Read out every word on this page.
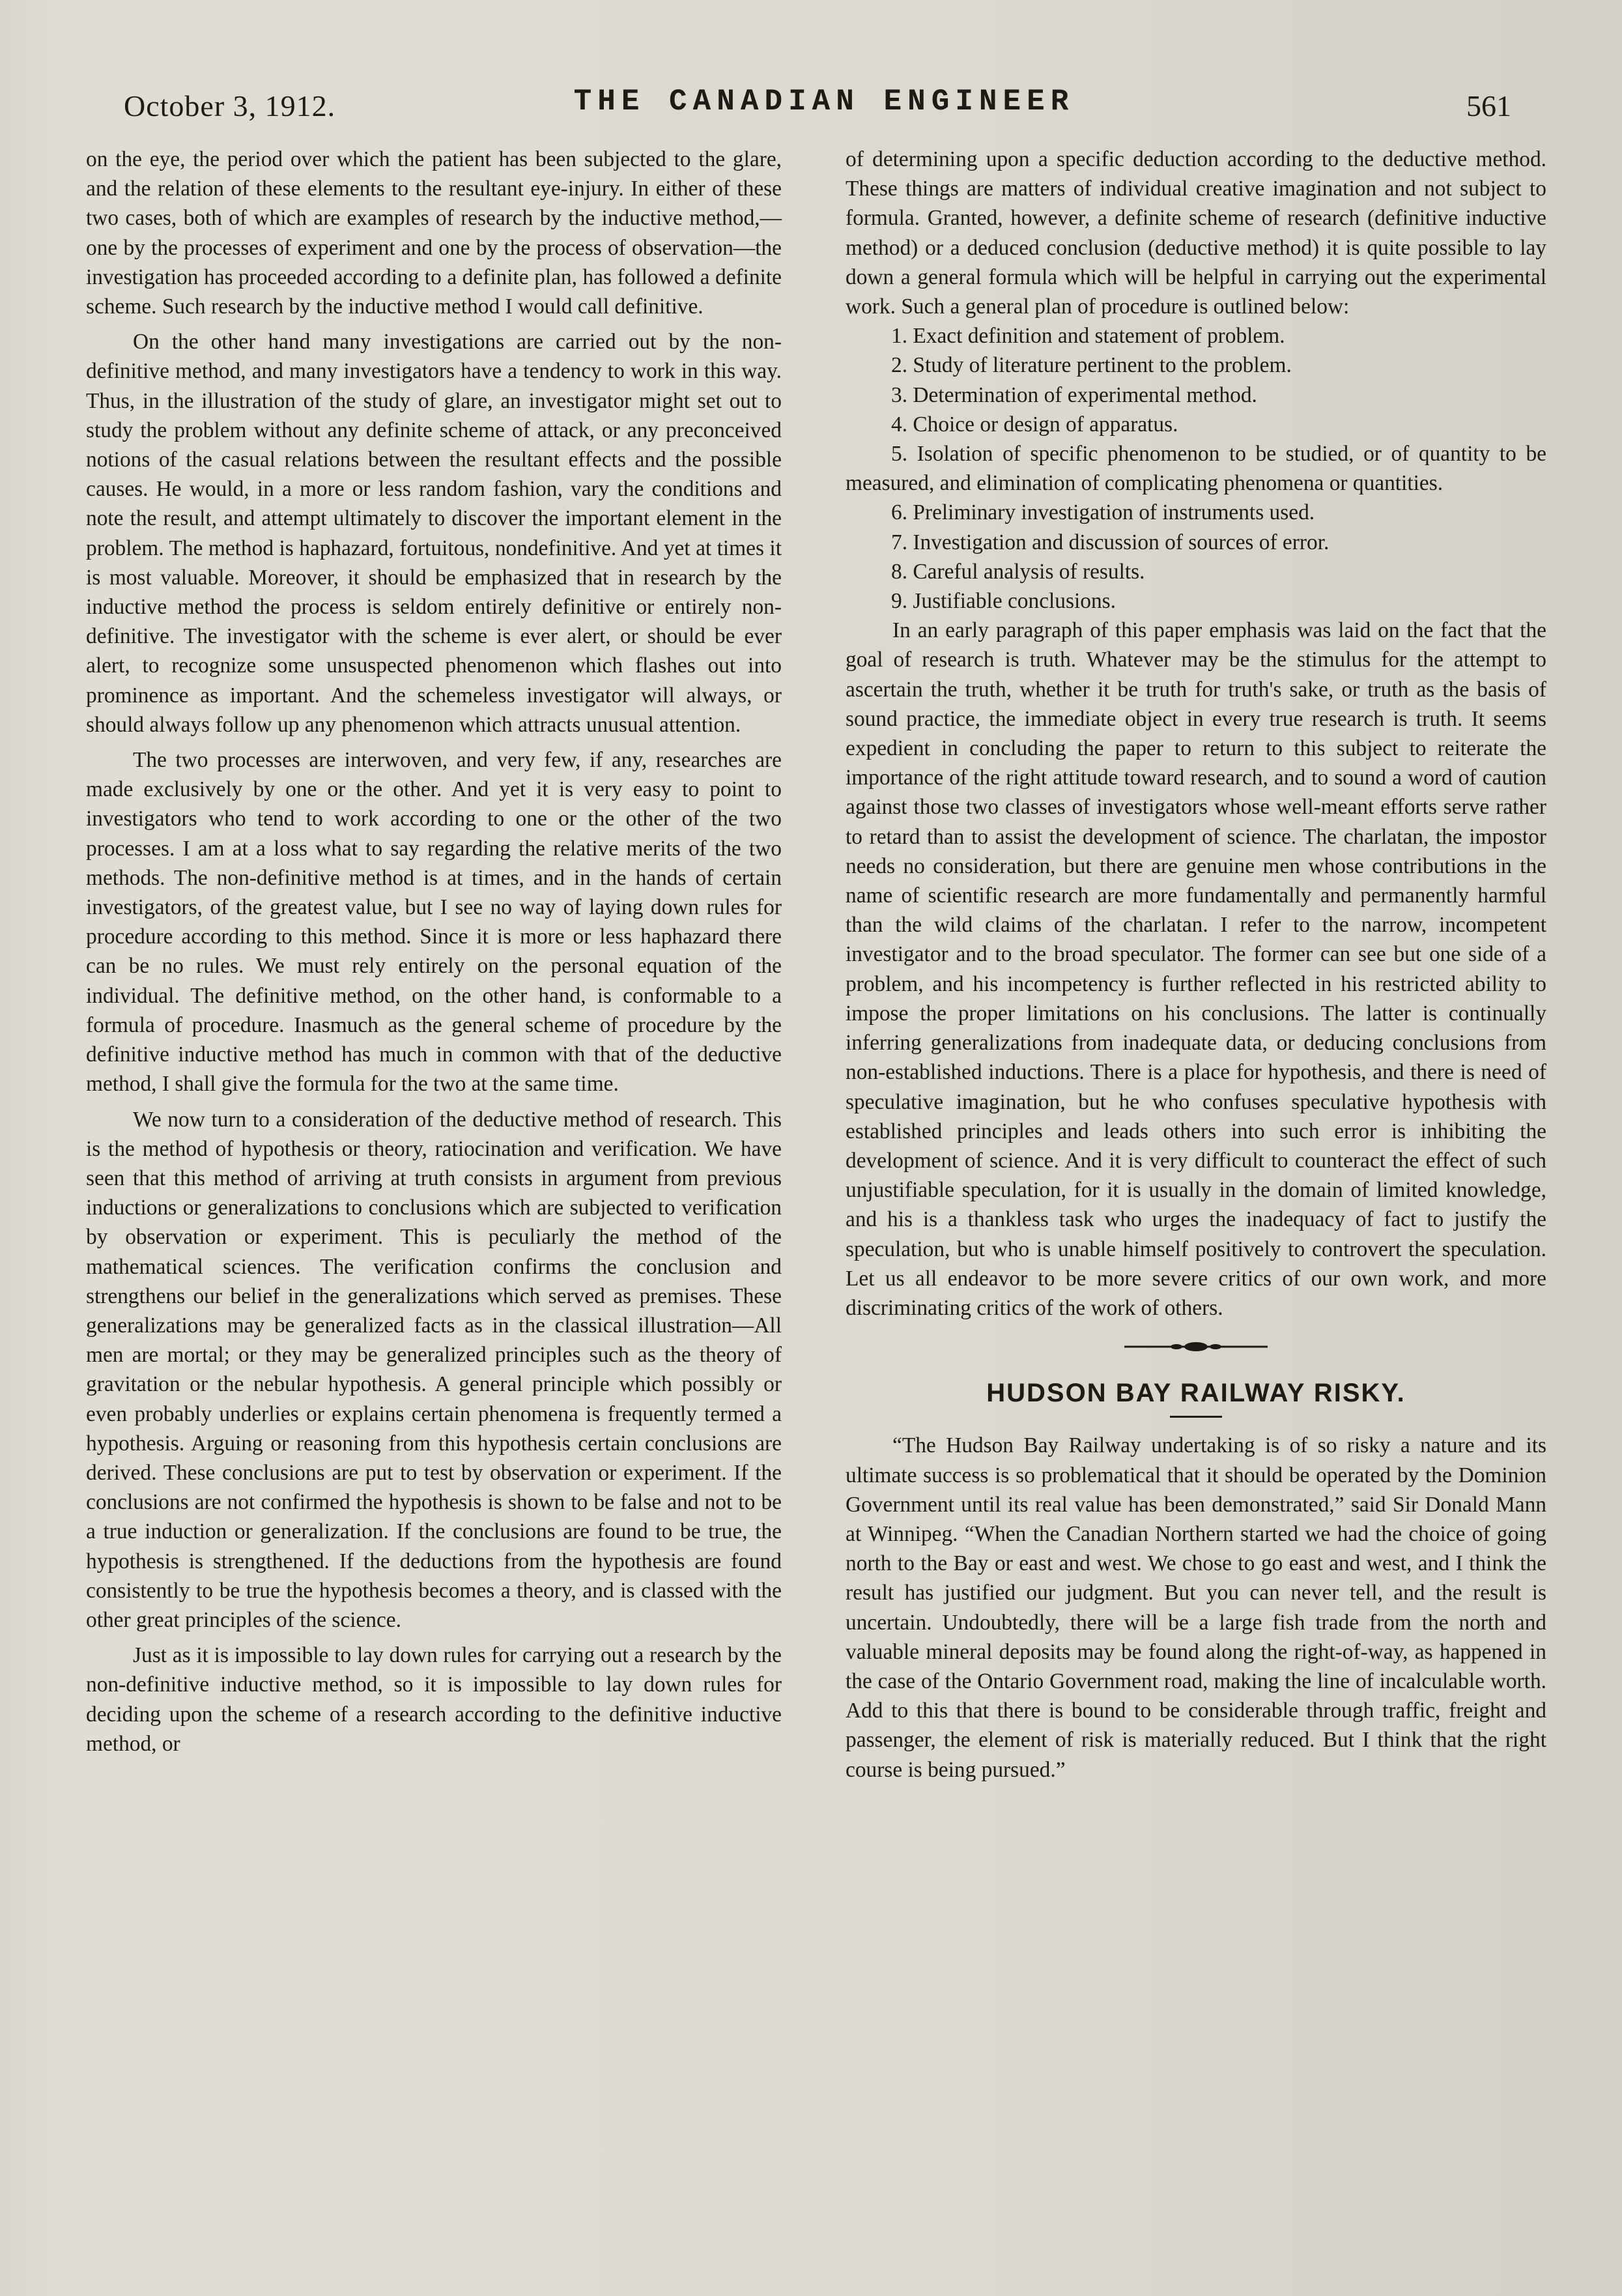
October 3, 1912.	THE CANADIAN ENGINEER	561

on the eye, the period over which the patient has been subjected to the glare, and the relation of these elements to the resultant eye-injury. In either of these two cases, both of which are examples of research by the inductive method,—one by the processes of experiment and one by the process of observation—the investigation has proceeded according to a definite plan, has followed a definite scheme. Such research by the inductive method I would call definitive.

On the other hand many investigations are carried out by the non-definitive method, and many investigators have a tendency to work in this way. Thus, in the illustration of the study of glare, an investigator might set out to study the problem without any definite scheme of attack, or any preconceived notions of the casual relations between the resultant effects and the possible causes. He would, in a more or less random fashion, vary the conditions and note the result, and attempt ultimately to discover the important element in the problem. The method is haphazard, fortuitous, nondefinitive. And yet at times it is most valuable. Moreover, it should be emphasized that in research by the inductive method the process is seldom entirely definitive or entirely non-definitive. The investigator with the scheme is ever alert, or should be ever alert, to recognize some unsuspected phenomenon which flashes out into prominence as important. And the schemeless investigator will always, or should always follow up any phenomenon which attracts unusual attention.

The two processes are interwoven, and very few, if any, researches are made exclusively by one or the other. And yet it is very easy to point to investigators who tend to work according to one or the other of the two processes. I am at a loss what to say regarding the relative merits of the two methods. The non-definitive method is at times, and in the hands of certain investigators, of the greatest value, but I see no way of laying down rules for procedure according to this method. Since it is more or less haphazard there can be no rules. We must rely entirely on the personal equation of the individual. The definitive method, on the other hand, is conformable to a formula of procedure. Inasmuch as the general scheme of procedure by the definitive inductive method has much in common with that of the deductive method, I shall give the formula for the two at the same time.

We now turn to a consideration of the deductive method of research. This is the method of hypothesis or theory, ratiocination and verification. We have seen that this method of arriving at truth consists in argument from previous inductions or generalizations to conclusions which are subjected to verification by observation or experiment. This is peculiarly the method of the mathematical sciences. The verification confirms the conclusion and strengthens our belief in the generalizations which served as premises. These generalizations may be generalized facts as in the classical illustration—All men are mortal; or they may be generalized principles such as the theory of gravitation or the nebular hypothesis. A general principle which possibly or even probably underlies or explains certain phenomena is frequently termed a hypothesis. Arguing or reasoning from this hypothesis certain conclusions are derived. These conclusions are put to test by observation or experiment. If the conclusions are not confirmed the hypothesis is shown to be false and not to be a true induction or generalization. If the conclusions are found to be true, the hypothesis is strengthened. If the deductions from the hypothesis are found consistently to be true the hypothesis becomes a theory, and is classed with the other great principles of the science.

Just as it is impossible to lay down rules for carrying out a research by the non-definitive inductive method, so it is impossible to lay down rules for deciding upon the scheme of a research according to the definitive inductive method, or

of determining upon a specific deduction according to the deductive method. These things are matters of individual creative imagination and not subject to formula. Granted, however, a definite scheme of research (definitive inductive method) or a deduced conclusion (deductive method) it is quite possible to lay down a general formula which will be helpful in carrying out the experimental work. Such a general plan of procedure is outlined below:

1. Exact definition and statement of problem.
2. Study of literature pertinent to the problem.
3. Determination of experimental method.
4. Choice or design of apparatus.
5. Isolation of specific phenomenon to be studied, or of quantity to be measured, and elimination of complicating phenomena or quantities.
6. Preliminary investigation of instruments used.
7. Investigation and discussion of sources of error.
8. Careful analysis of results.
9. Justifiable conclusions.

In an early paragraph of this paper emphasis was laid on the fact that the goal of research is truth. Whatever may be the stimulus for the attempt to ascertain the truth, whether it be truth for truth's sake, or truth as the basis of sound practice, the immediate object in every true research is truth. It seems expedient in concluding the paper to return to this subject to reiterate the importance of the right attitude toward research, and to sound a word of caution against those two classes of investigators whose well-meant efforts serve rather to retard than to assist the development of science. The charlatan, the impostor needs no consideration, but there are genuine men whose contributions in the name of scientific research are more fundamentally and permanently harmful than the wild claims of the charlatan. I refer to the narrow, incompetent investigator and to the broad speculator. The former can see but one side of a problem, and his incompetency is further reflected in his restricted ability to impose the proper limitations on his conclusions. The latter is continually inferring generalizations from inadequate data, or deducing conclusions from non-established inductions. There is a place for hypothesis, and there is need of speculative imagination, but he who confuses speculative hypothesis with established principles and leads others into such error is inhibiting the development of science. And it is very difficult to counteract the effect of such unjustifiable speculation, for it is usually in the domain of limited knowledge, and his is a thankless task who urges the inadequacy of fact to justify the speculation, but who is unable himself positively to controvert the speculation. Let us all endeavor to be more severe critics of our own work, and more discriminating critics of the work of others.

HUDSON BAY RAILWAY RISKY.

“The Hudson Bay Railway undertaking is of so risky a nature and its ultimate success is so problematical that it should be operated by the Dominion Government until its real value has been demonstrated,” said Sir Donald Mann at Winnipeg. “When the Canadian Northern started we had the choice of going north to the Bay or east and west. We chose to go east and west, and I think the result has justified our judgment. But you can never tell, and the result is uncertain. Undoubtedly, there will be a large fish trade from the north and valuable mineral deposits may be found along the right-of-way, as happened in the case of the Ontario Government road, making the line of incalculable worth. Add to this that there is bound to be considerable through traffic, freight and passenger, the element of risk is materially reduced. But I think that the right course is being pursued.”
